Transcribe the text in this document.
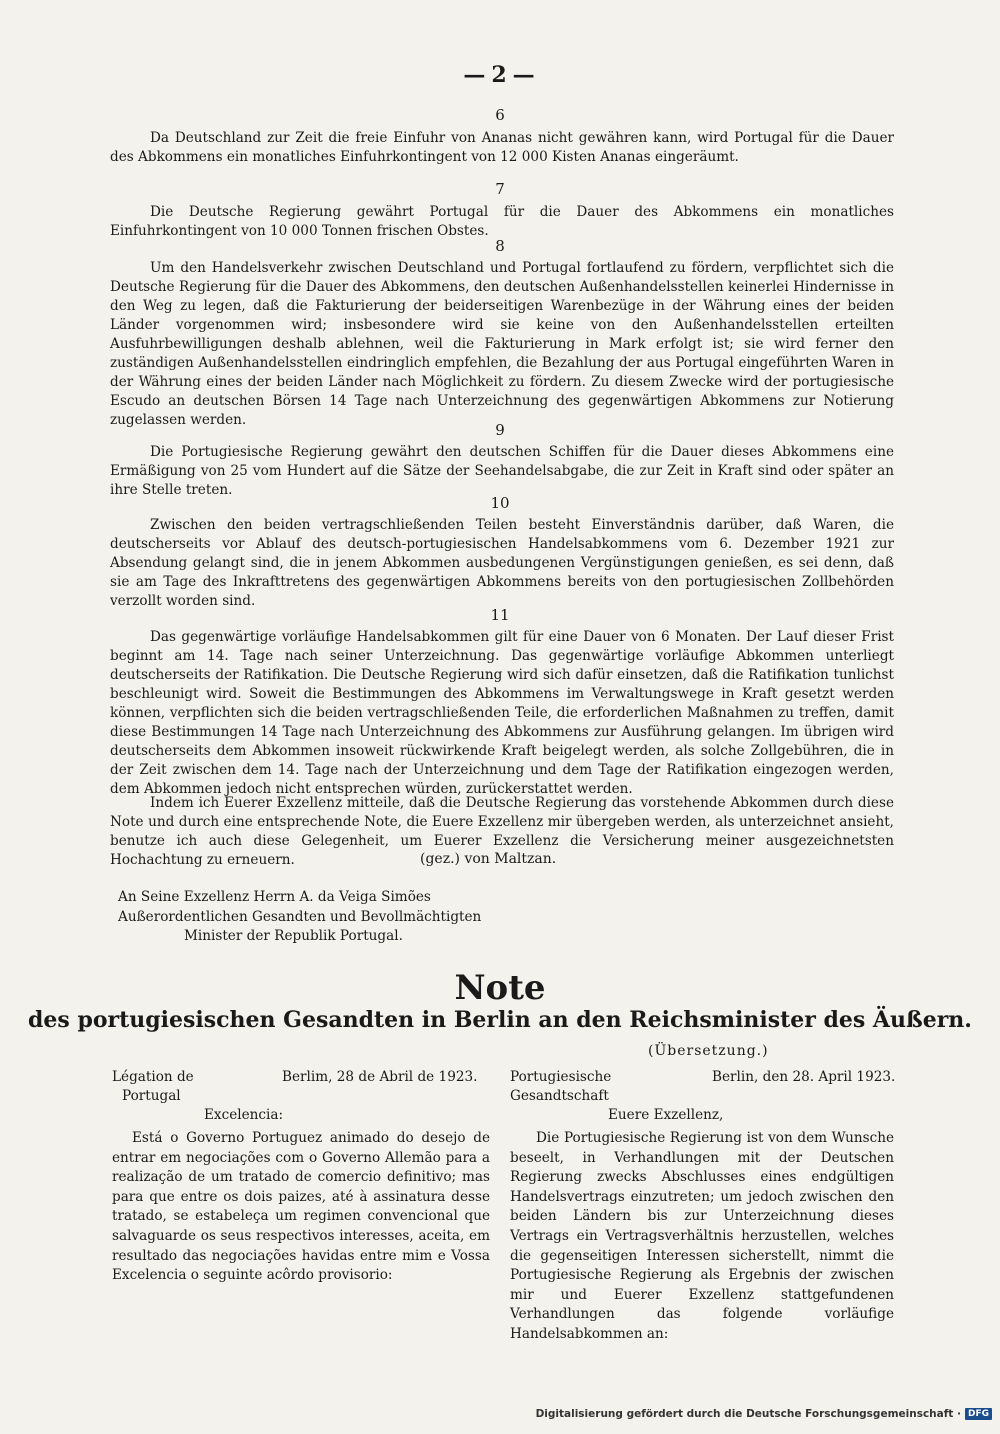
— 2 —
6
Da Deutschland zur Zeit die freie Einfuhr von Ananas nicht gewähren kann, wird Portugal für die Dauer des Abkommens ein monatliches Einfuhrkontingent von 12 000 Kisten Ananas eingeräumt.
7
Die Deutsche Regierung gewährt Portugal für die Dauer des Abkommens ein monatliches Einfuhrkontingent von 10 000 Tonnen frischen Obstes.
8
Um den Handelsverkehr zwischen Deutschland und Portugal fortlaufend zu fördern, verpflichtet sich die Deutsche Regierung für die Dauer des Abkommens, den deutschen Außenhandelsstellen keinerlei Hindernisse in den Weg zu legen, daß die Fakturierung der beiderseitigen Warenbezüge in der Währung eines der beiden Länder vorgenommen wird; insbesondere wird sie keine von den Außenhandelsstellen erteilten Ausfuhrbewilligungen deshalb ablehnen, weil die Fakturierung in Mark erfolgt ist; sie wird ferner den zuständigen Außenhandelsstellen eindringlich empfehlen, die Bezahlung der aus Portugal eingeführten Waren in der Währung eines der beiden Länder nach Möglichkeit zu fördern. Zu diesem Zwecke wird der portugiesische Escudo an deutschen Börsen 14 Tage nach Unterzeichnung des gegenwärtigen Abkommens zur Notierung zugelassen werden.
9
Die Portugiesische Regierung gewährt den deutschen Schiffen für die Dauer dieses Abkommens eine Ermäßigung von 25 vom Hundert auf die Sätze der Seehandelsabgabe, die zur Zeit in Kraft sind oder später an ihre Stelle treten.
10
Zwischen den beiden vertragschließenden Teilen besteht Einverständnis darüber, daß Waren, die deutscherseits vor Ablauf des deutsch-portugiesischen Handelsabkommens vom 6. Dezember 1921 zur Absendung gelangt sind, die in jenem Abkommen ausbedungenen Vergünstigungen genießen, es sei denn, daß sie am Tage des Inkrafttretens des gegenwärtigen Abkommens bereits von den portugiesischen Zollbehörden verzollt worden sind.
11
Das gegenwärtige vorläufige Handelsabkommen gilt für eine Dauer von 6 Monaten. Der Lauf dieser Frist beginnt am 14. Tage nach seiner Unterzeichnung. Das gegenwärtige vorläufige Abkommen unterliegt deutscherseits der Ratifikation. Die Deutsche Regierung wird sich dafür einsetzen, daß die Ratifikation tunlichst beschleunigt wird. Soweit die Bestimmungen des Abkommens im Verwaltungswege in Kraft gesetzt werden können, verpflichten sich die beiden vertragschließenden Teile, die erforderlichen Maßnahmen zu treffen, damit diese Bestimmungen 14 Tage nach Unterzeichnung des Abkommens zur Ausführung gelangen. Im übrigen wird deutscherseits dem Abkommen insoweit rückwirkende Kraft beigelegt werden, als solche Zollgebühren, die in der Zeit zwischen dem 14. Tage nach der Unterzeichnung und dem Tage der Ratifikation eingezogen werden, dem Abkommen jedoch nicht entsprechen würden, zurückerstattet werden.
Indem ich Euerer Exzellenz mitteile, daß die Deutsche Regierung das vorstehende Abkommen durch diese Note und durch eine entsprechende Note, die Euere Exzellenz mir übergeben werden, als unterzeichnet ansieht, benutze ich auch diese Gelegenheit, um Euerer Exzellenz die Versicherung meiner ausgezeichnetsten Hochachtung zu erneuern.	(gez.) von Maltzan.
An Seine Exzellenz Herrn A. da Veiga Simões
Außerordentlichen Gesandten und Bevollmächtigten
Minister der Republik Portugal.
Note
des portugiesischen Gesandten in Berlin an den Reichsminister des Äußern.
(Übersetzung.)
Légation de
Portugal
Berlim, 28 de Abril de 1923.
Excelencia:
Está o Governo Portuguez animado do desejo de entrar em negociações com o Governo Allemão para a realização de um tratado de comercio definitivo; mas para que entre os dois paizes, até à assinatura desse tratado, se estabeleça um regimen convencional que salvaguarde os seus respectivos interesses, aceita, em resultado das negociações havidas entre mim e Vossa Excelencia o seguinte acôrdo provisorio:
Portugiesische
Gesandtschaft
Berlin, den 28. April 1923.
Euere Exzellenz,
Die Portugiesische Regierung ist von dem Wunsche beseelt, in Verhandlungen mit der Deutschen Regierung zwecks Abschlusses eines endgültigen Handelsvertrags einzutreten; um jedoch zwischen den beiden Ländern bis zur Unterzeichnung dieses Vertrags ein Vertragsverhältnis herzustellen, welches die gegenseitigen Interessen sicherstellt, nimmt die Portugiesische Regierung als Ergebnis der zwischen mir und Euerer Exzellenz stattgefundenen Verhandlungen das folgende vorläufige Handelsabkommen an:
Digitalisierung gefördert durch die Deutsche Forschungsgemeinschaft · DFG
